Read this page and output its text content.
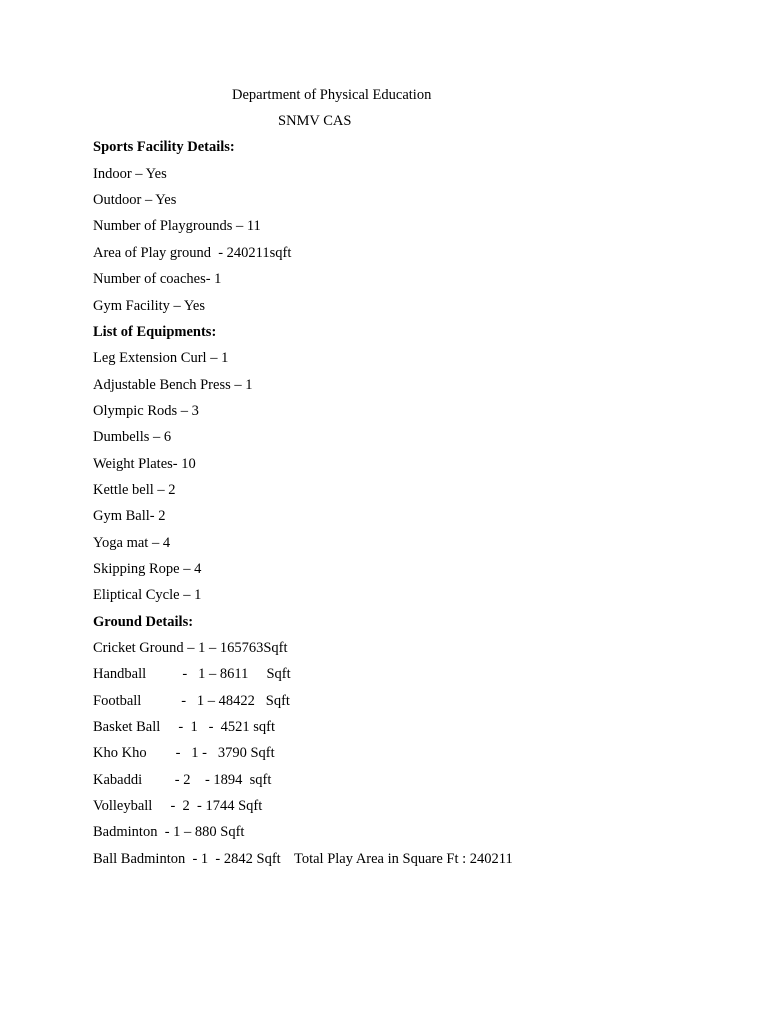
Department of Physical Education
SNMV CAS
Sports Facility Details:
Indoor – Yes
Outdoor – Yes
Number of Playgrounds – 11
Area of Play ground  - 240211sqft
Number of coaches- 1
Gym Facility – Yes
List of Equipments:
Leg Extension Curl – 1
Adjustable Bench Press – 1
Olympic Rods – 3
Dumbells – 6
Weight Plates- 10
Kettle bell – 2
Gym Ball- 2
Yoga mat – 4
Skipping Rope – 4
Eliptical Cycle – 1
Ground Details:
Cricket Ground – 1 – 165763Sqft
Handball          -   1 – 8611     Sqft
Football           -   1 – 48422   Sqft
Basket Ball     -  1   -  4521 sqft
Kho Kho        -   1 -   3790 Sqft
Kabaddi         - 2    - 1894  sqft
Volleyball     -  2  - 1744 Sqft
Badminton  - 1 – 880 Sqft
Ball Badminton  - 1  - 2842 Sqft Total Play Area in Square Ft : 240211
